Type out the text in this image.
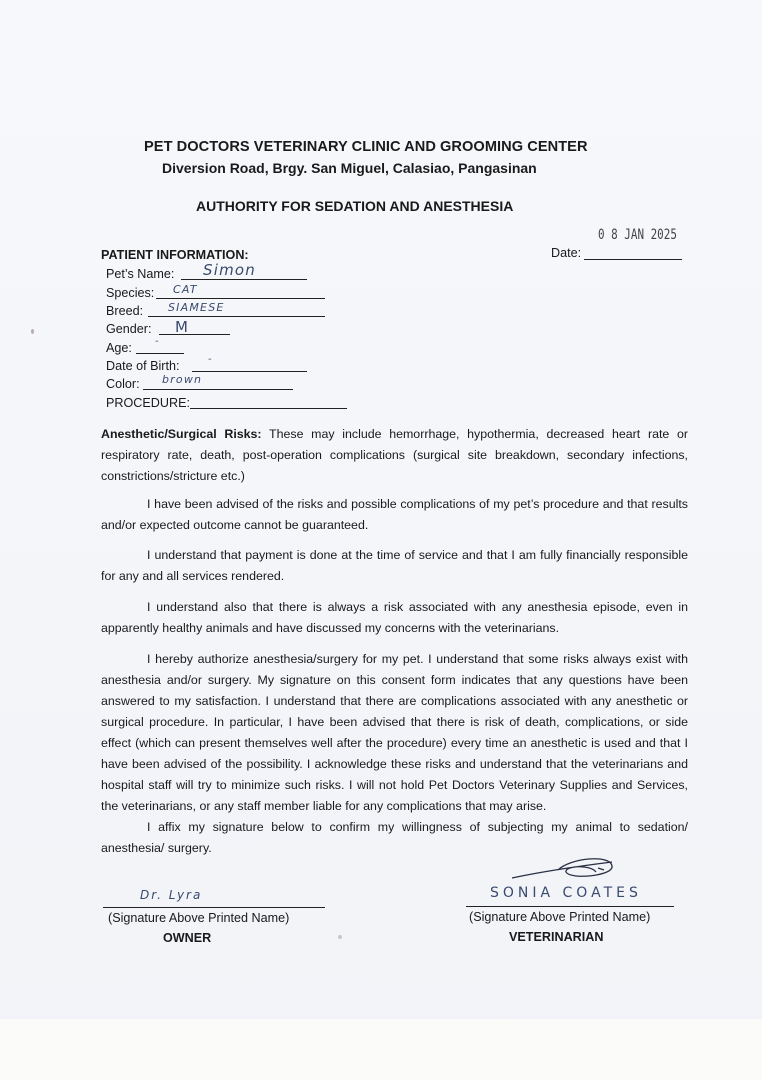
PET DOCTORS VETERINARY CLINIC AND GROOMING CENTER
Diversion Road, Brgy. San Miguel, Calasiao, Pangasinan
AUTHORITY FOR SEDATION AND ANESTHESIA
0 8 JAN 2025
Date:
PATIENT INFORMATION:
Pet’s Name: Simon
Species: CAT
Breed: SIAMESE
Gender: M
Age: -
Date of Birth:	-
Color: brown
PROCEDURE:
Anesthetic/Surgical Risks: These may include hemorrhage, hypothermia, decreased heart rate or respiratory rate, death, post-operation complications (surgical site breakdown, secondary infections, constrictions/stricture etc.)
I have been advised of the risks and possible complications of my pet’s procedure and that results and/or expected outcome cannot be guaranteed.
I understand that payment is done at the time of service and that I am fully financially responsible for any and all services rendered.
I understand also that there is always a risk associated with any anesthesia episode, even in apparently healthy animals and have discussed my concerns with the veterinarians.
I hereby authorize anesthesia/surgery for my pet. I understand that some risks always exist with anesthesia and/or surgery. My signature on this consent form indicates that any questions have been answered to my satisfaction. I understand that there are complications associated with any anesthetic or surgical procedure. In particular, I have been advised that there is risk of death, complications, or side effect (which can present themselves well after the procedure) every time an anesthetic is used and that I have been advised of the possibility. I acknowledge these risks and understand that the veterinarians and hospital staff will try to minimize such risks. I will not hold Pet Doctors Veterinary Supplies and Services, the veterinarians, or any staff member liable for any complications that may arise.
I affix my signature below to confirm my willingness of subjecting my animal to sedation/ anesthesia/ surgery.
Dr. Lyra
(Signature Above Printed Name)
OWNER
SONIA COATES
(Signature Above Printed Name)
VETERINARIAN
